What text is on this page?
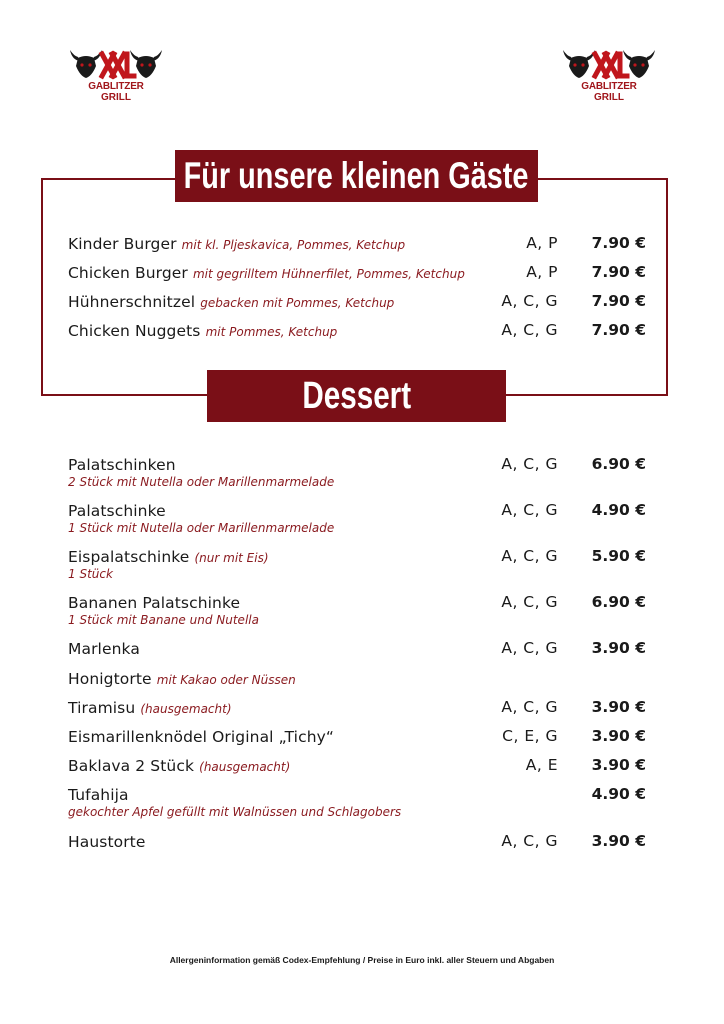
GABLITZER
GRILL
GABLITZER
GRILL
Für unsere kleinen Gäste
Kinder Burger mit kl. Pljeskavica, Pommes, Ketchup	A, P	7.90 €
Chicken Burger mit gegrilltem Hühnerfilet, Pommes, Ketchup	A, P	7.90 €
Hühnerschnitzel gebacken mit Pommes, Ketchup	A, C, G	7.90 €
Chicken Nuggets mit Pommes, Ketchup	A, C, G	7.90 €
Dessert
Palatschinken
2 Stück mit Nutella oder Marillenmarmelade
A, C, G	6.90 €
Palatschinke
1 Stück mit Nutella oder Marillenmarmelade
A, C, G	4.90 €
Eispalatschinke (nur mit Eis)
1 Stück
A, C, G	5.90 €
Bananen Palatschinke
1 Stück mit Banane und Nutella
A, C, G	6.90 €
Marlenka	A, C, G	3.90 €
Honigtorte mit Kakao oder Nüssen
Tiramisu (hausgemacht)	A, C, G	3.90 €
Eismarillenknödel Original „Tichy“	C, E, G	3.90 €
Baklava 2 Stück (hausgemacht)	A, E	3.90 €
Tufahija
gekochter Apfel gefüllt mit Walnüssen und Schlagobers
4.90 €
Haustorte	A, C, G	3.90 €
Allergeninformation gemäß Codex-Empfehlung / Preise in Euro inkl. aller Steuern und Abgaben
